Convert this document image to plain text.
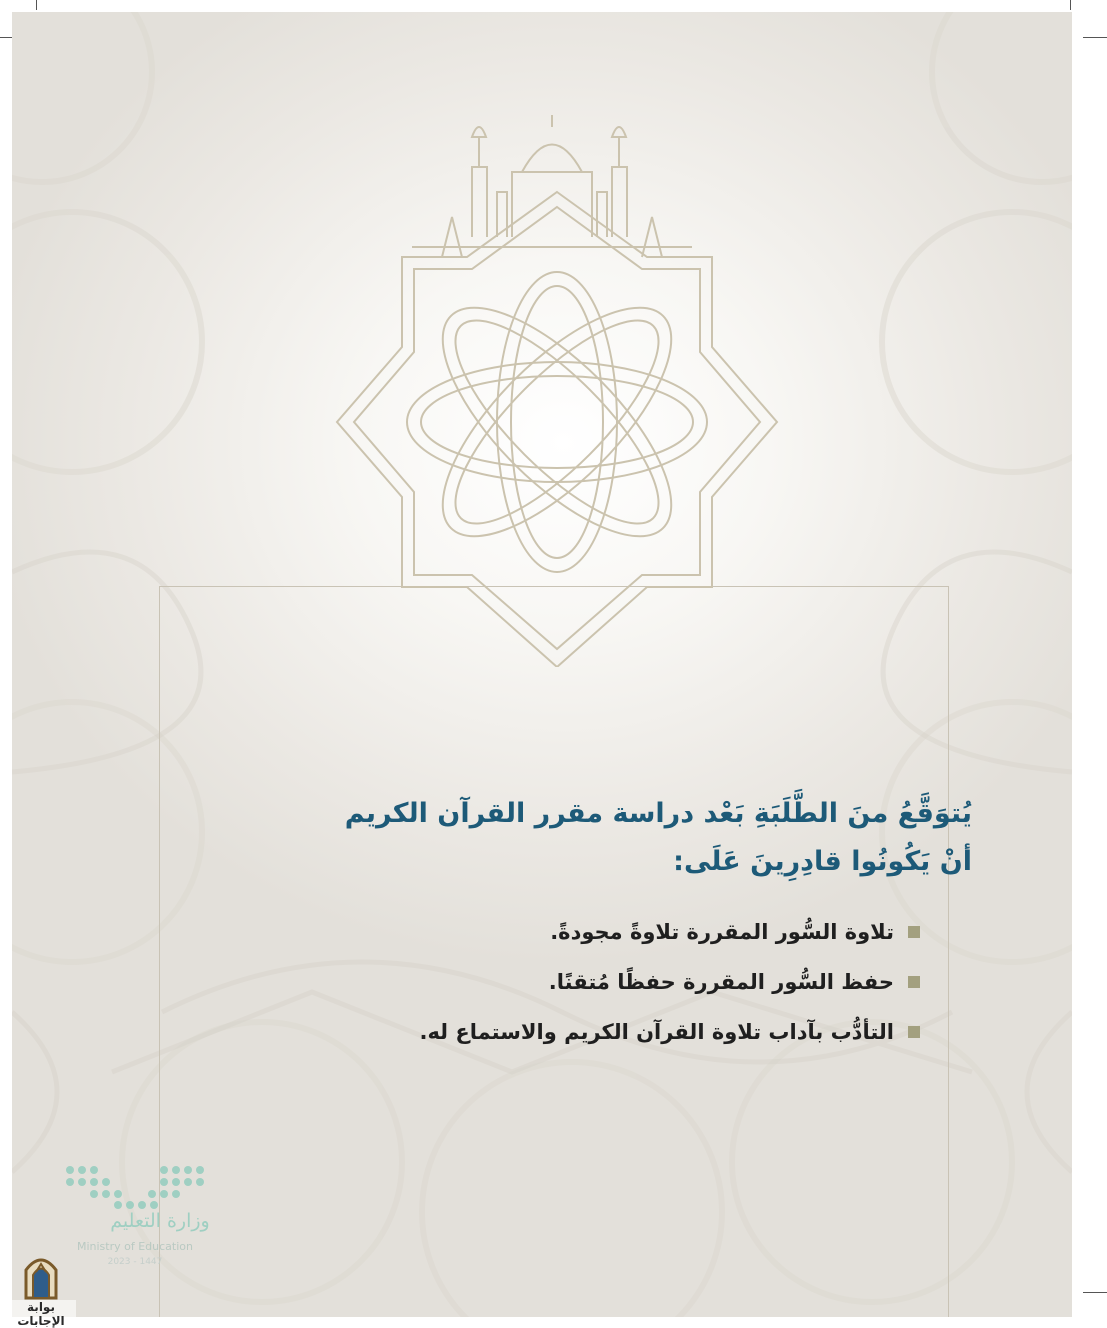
يُتوَقَّعُ منَ الطَّلَبَةِ بَعْد دراسة مقرر القرآن الكريم
أنْ يَكُونُوا قادِرِينَ عَلَى:
تلاوة السُّور المقررة تلاوةً مجودةً.
حفظ السُّور المقررة حفظًا مُتقنًا.
التأدُّب بآداب تلاوة القرآن الكريم والاستماع له.
وزارة التعليم
Ministry of Education
2023 - 1447
بوابة الإجابات
